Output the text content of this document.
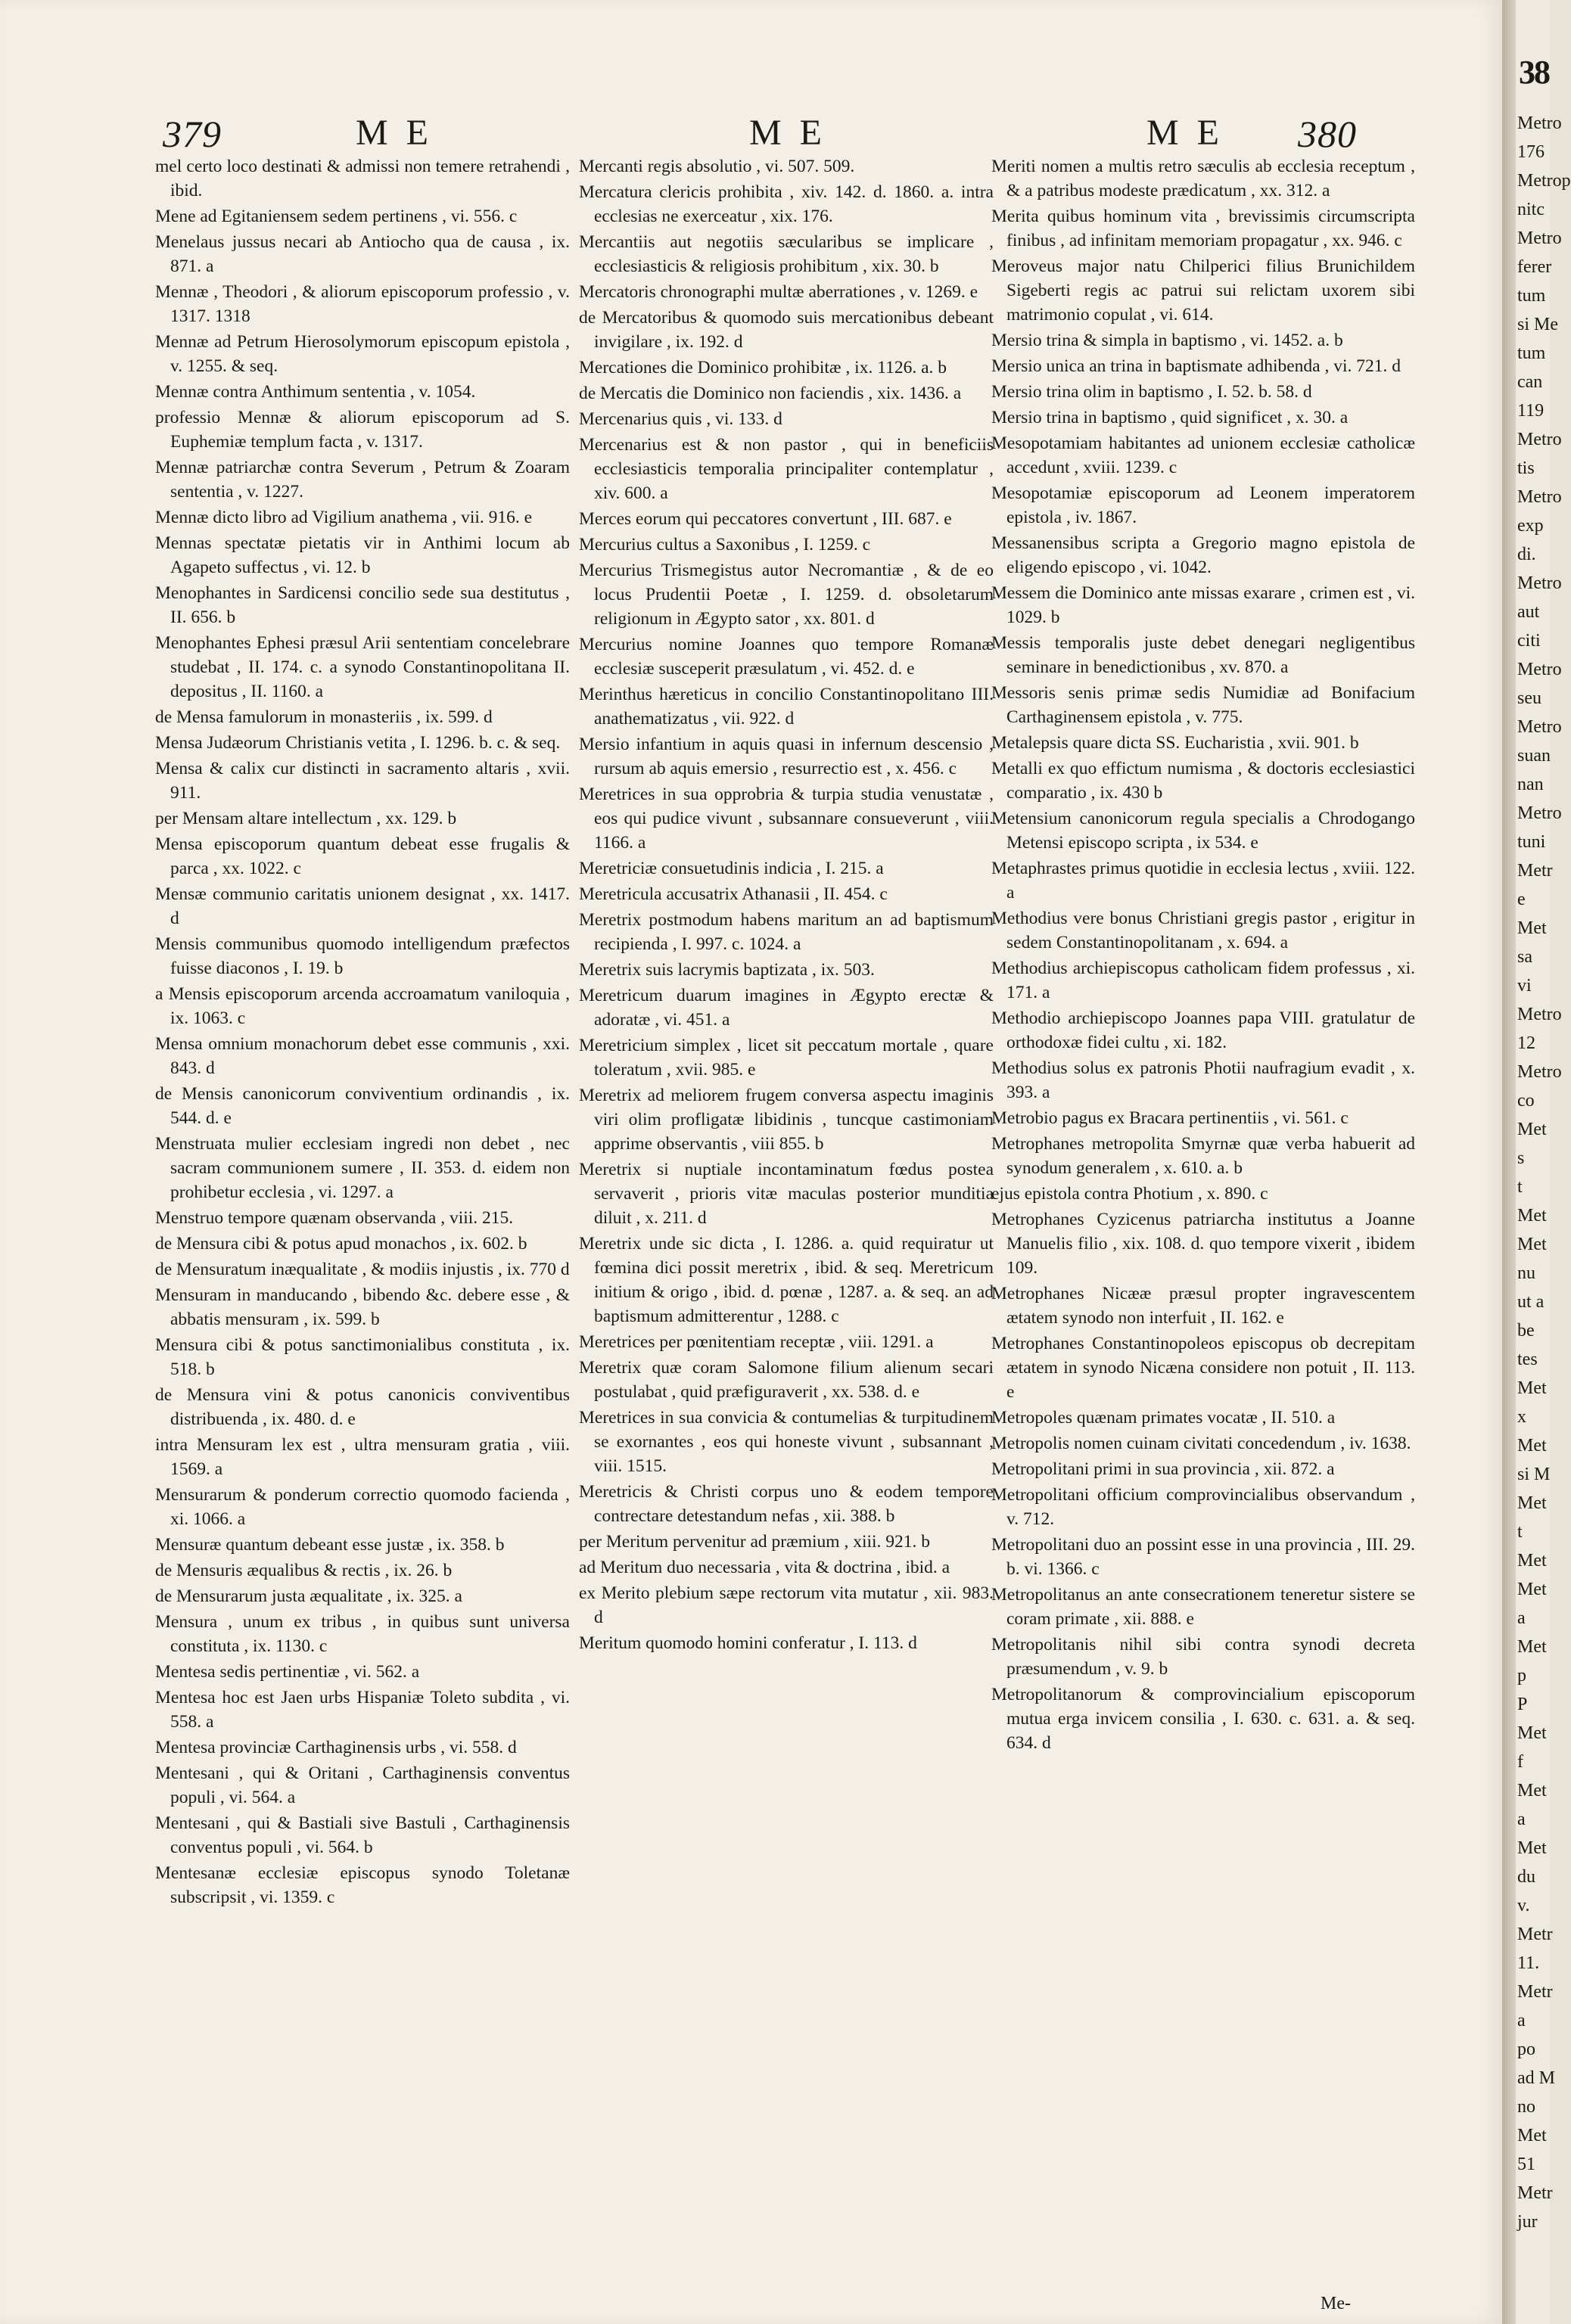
379	M E	M E	M E 380

mel certo loco destinati & admissi non temere retrahendi , ibid.

Mene ad Egitaniensem sedem pertinens , vi. 556. c

Menelaus jussus necari ab Antiocho qua de causa , ix. 871. a

Mennæ , Theodori , & aliorum episcoporum professio , v. 1317. 1318

Mennæ ad Petrum Hierosolymorum episcopum epistola , v. 1255. & seq.

Mennæ contra Anthimum sententia , v. 1054.

professio Mennæ & aliorum episcoporum ad S. Euphemiæ templum facta , v. 1317.

Mennæ patriarchæ contra Severum , Petrum & Zoaram sententia , v. 1227.

Mennæ dicto libro ad Vigilium anathema , vii. 916. e

Mennas spectatæ pietatis vir in Anthimi locum ab Agapeto suffectus , vi. 12. b

Menophantes in Sardicensi concilio sede sua destitutus , II. 656. b

Menophantes Ephesi præsul Arii sententiam concelebrare studebat , II. 174. c. a synodo Constantinopolitana II. depositus , II. 1160. a

de Mensa famulorum in monasteriis , ix. 599. d

Mensa Judæorum Christianis vetita , I. 1296. b. c. & seq.

Mensa & calix cur distincti in sacramento altaris , xvii. 911.

per Mensam altare intellectum , xx. 129. b

Mensa episcoporum quantum debeat esse frugalis & parca , xx. 1022. c

Mensæ communio caritatis unionem designat , xx. 1417. d

Mensis communibus quomodo intelligendum præfectos fuisse diaconos , I. 19. b

a Mensis episcoporum arcenda accroamatum vaniloquia , ix. 1063. c

Mensa omnium monachorum debet esse communis , xxi. 843. d

de Mensis canonicorum conviventium ordinandis , ix. 544. d. e

Menstruata mulier ecclesiam ingredi non debet , nec sacram communionem sumere , II. 353. d. eidem non prohibetur ecclesia , vi. 1297. a

Menstruo tempore quænam observanda , viii. 215.

de Mensura cibi & potus apud monachos , ix. 602. b

de Mensuratum inæqualitate , & modiis injustis , ix. 770 d

Mensuram in manducando , bibendo &c. debere esse , & abbatis mensuram , ix. 599. b

Mensura cibi & potus sanctimonialibus constituta , ix. 518. b

de Mensura vini & potus canonicis conviventibus distribuenda , ix. 480. d. e

intra Mensuram lex est , ultra mensuram gratia , viii. 1569. a

Mensurarum & ponderum correctio quomodo facienda , xi. 1066. a

Mensuræ quantum debeant esse justæ , ix. 358. b

de Mensuris æqualibus & rectis , ix. 26. b

de Mensurarum justa æqualitate , ix. 325. a

Mensura , unum ex tribus , in quibus sunt universa constituta , ix. 1130. c

Mentesa sedis pertinentiæ , vi. 562. a

Mentesa hoc est Jaen urbs Hispaniæ Toleto subdita , vi. 558. a

Mentesa provinciæ Carthaginensis urbs , vi. 558. d

Mentesani , qui & Oritani , Carthaginensis conventus populi , vi. 564. a

Mentesani , qui & Bastiali sive Bastuli , Carthaginensis conventus populi , vi. 564. b

Mentesanæ ecclesiæ episcopus synodo Toletanæ subscripsit , vi. 1359. c

Mercanti regis absolutio , vi. 507. 509.

Mercatura clericis prohibita , xiv. 142. d. 1860. a. intra ecclesias ne exerceatur , xix. 176.

Mercantiis aut negotiis sæcularibus se implicare , ecclesiasticis & religiosis prohibitum , xix. 30. b

Mercatoris chronographi multæ aberrationes , v. 1269. e

de Mercatoribus & quomodo suis mercationibus debeant invigilare , ix. 192. d

Mercationes die Dominico prohibitæ , ix. 1126. a. b

de Mercatis die Dominico non faciendis , xix. 1436. a

Mercenarius quis , vi. 133. d

Mercenarius est & non pastor , qui in beneficiis ecclesiasticis temporalia principaliter contemplatur , xiv. 600. a

Merces eorum qui peccatores convertunt , III. 687. e

Mercurius cultus a Saxonibus , I. 1259. c

Mercurius Trismegistus autor Necromantiæ , & de eo locus Prudentii Poetæ , I. 1259. d. obsoletarum religionum in Ægypto sator , xx. 801. d

Mercurius nomine Joannes quo tempore Romanæ ecclesiæ susceperit præsulatum , vi. 452. d. e

Merinthus hæreticus in concilio Constantinopolitano III. anathematizatus , vii. 922. d

Mersio infantium in aquis quasi in infernum descensio , rursum ab aquis emersio , resurrectio est , x. 456. c

Meretrices in sua opprobria & turpia studia venustatæ , eos qui pudice vivunt , subsannare consueverunt , viii. 1166. a

Meretriciæ consuetudinis indicia , I. 215. a

Meretricula accusatrix Athanasii , II. 454. c

Meretrix postmodum habens maritum an ad baptismum recipienda , I. 997. c. 1024. a

Meretrix suis lacrymis baptizata , ix. 503.

Meretricum duarum imagines in Ægypto erectæ & adoratæ , vi. 451. a

Meretricium simplex , licet sit peccatum mortale , quare toleratum , xvii. 985. e

Meretrix ad meliorem frugem conversa aspectu imaginis viri olim profligatæ libidinis , tuncque castimoniam apprime observantis , viii 855. b

Meretrix si nuptiale incontaminatum fœdus postea servaverit , prioris vitæ maculas posterior munditia diluit , x. 211. d

Meretrix unde sic dicta , I. 1286. a. quid requiratur ut fœmina dici possit meretrix , ibid. & seq. Meretricum initium & origo , ibid. d. pœnæ , 1287. a. & seq. an ad baptismum admitterentur , 1288. c

Meretrices per pœnitentiam receptæ , viii. 1291. a

Meretrix quæ coram Salomone filium alienum secari postulabat , quid præfiguraverit , xx. 538. d. e

Meretrices in sua convicia & contumelias & turpitudinem se exornantes , eos qui honeste vivunt , subsannant , viii. 1515.

Meretricis & Christi corpus uno & eodem tempore contrectare detestandum nefas , xii. 388. b

per Meritum pervenitur ad præmium , xiii. 921. b

ad Meritum duo necessaria , vita & doctrina , ibid. a

ex Merito plebium sæpe rectorum vita mutatur , xii. 983. d

Meritum quomodo homini conferatur , I. 113. d

Meriti nomen a multis retro sæculis ab ecclesia receptum , & a patribus modeste prædicatum , xx. 312. a

Merita quibus hominum vita , brevissimis circumscripta finibus , ad infinitam memoriam propagatur , xx. 946. c

Meroveus major natu Chilperici filius Brunichildem Sigeberti regis ac patrui sui relictam uxorem sibi matrimonio copulat , vi. 614.

Mersio trina & simpla in baptismo , vi. 1452. a. b

Mersio unica an trina in baptismate adhibenda , vi. 721. d

Mersio trina olim in baptismo , I. 52. b. 58. d

Mersio trina in baptismo , quid significet , x. 30. a

Mesopotamiam habitantes ad unionem ecclesiæ catholicæ accedunt , xviii. 1239. c

Mesopotamiæ episcoporum ad Leonem imperatorem epistola , iv. 1867.

Messanensibus scripta a Gregorio magno epistola de eligendo episcopo , vi. 1042.

Messem die Dominico ante missas exarare , crimen est , vi. 1029. b

Messis temporalis juste debet denegari negligentibus seminare in benedictionibus , xv. 870. a

Messoris senis primæ sedis Numidiæ ad Bonifacium Carthaginensem epistola , v. 775.

Metalepsis quare dicta SS. Eucharistia , xvii. 901. b

Metalli ex quo effictum numisma , & doctoris ecclesiastici comparatio , ix. 430 b

Metensium canonicorum regula specialis a Chrodogango Metensi episcopo scripta , ix 534. e

Metaphrastes primus quotidie in ecclesia lectus , xviii. 122. a

Methodius vere bonus Christiani gregis pastor , erigitur in sedem Constantinopolitanam , x. 694. a

Methodius archiepiscopus catholicam fidem professus , xi. 171. a

Methodio archiepiscopo Joannes papa VIII. gratulatur de orthodoxæ fidei cultu , xi. 182.

Methodius solus ex patronis Photii naufragium evadit , x. 393. a

Metrobio pagus ex Bracara pertinentiis , vi. 561. c

Metrophanes metropolita Smyrnæ quæ verba habuerit ad synodum generalem , x. 610. a. b

ejus epistola contra Photium , x. 890. c

Metrophanes Cyzicenus patriarcha institutus a Joanne Manuelis filio , xix. 108. d. quo tempore vixerit , ibidem 109.

Metrophanes Nicææ præsul propter ingravescentem ætatem synodo non interfuit , II. 162. e

Metrophanes Constantinopoleos episcopus ob decrepitam ætatem in synodo Nicæna considere non potuit , II. 113. e

Metropoles quænam primates vocatæ , II. 510. a

Metropolis nomen cuinam civitati concedendum , iv. 1638.

Metropolitani primi in sua provincia , xii. 872. a

Metropolitani officium comprovincialibus observandum , v. 712.

Metropolitani duo an possint esse in una provincia , III. 29. b. vi. 1366. c

Metropolitanus an ante consecrationem teneretur sistere se coram primate , xii. 888. e

Metropolitanis nihil sibi contra synodi decreta præsumendum , v. 9. b

Metropolitanorum & comprovincialium episcoporum mutua erga invicem consilia , I. 630. c. 631. a. & seq. 634. d

Me-
38
Metro
176
Metrop
nitc
Metro
ferer
tum
si Me
tum
can
119
Metro
tis
Metro
exp
di.
Metro
aut
citi
Metro
seu
Metro
suan
nan
Metro
tuni
Metr
e
Met
sa
vi
Metro
12
Metro
co
Met
s
t
Met
Met
nu
ut a
be
tes
Met
x
Met
si M
Met
t
Met
Met
a
Met
p
P
Met
f
Met
a
Met
du
v.
Metr
11.
Metr
a
po
ad M
no
Met
51
Metr
jur
